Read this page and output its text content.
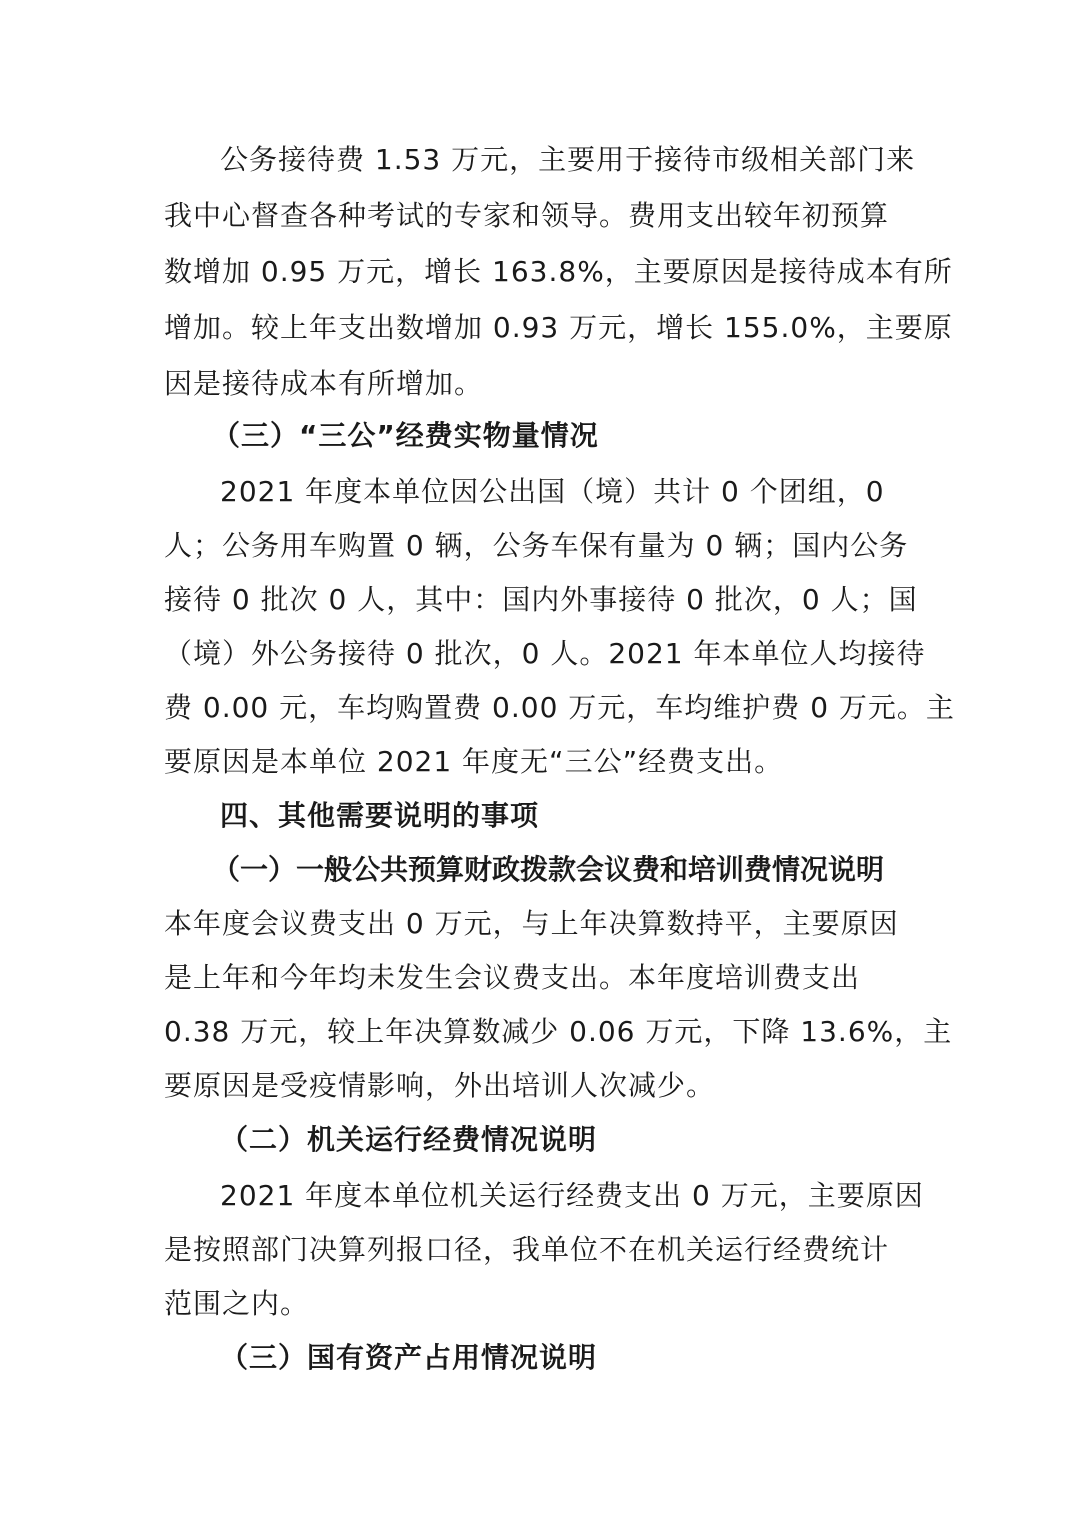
公务接待费 1.53 万元，主要用于接待市级相关部门来
我中心督查各种考试的专家和领导。费用支出较年初预算
数增加 0.95 万元，增长 163.8%，主要原因是接待成本有所
增加。较上年支出数增加 0.93 万元，增长 155.0%，主要原
因是接待成本有所增加。
（三）“三公”经费实物量情况
2021 年度本单位因公出国（境）共计 0 个团组，0
人；公务用车购置 0 辆，公务车保有量为 0 辆；国内公务
接待 0 批次 0 人，其中：国内外事接待 0 批次，0 人；国
（境）外公务接待 0 批次，0 人。2021 年本单位人均接待
费 0.00 元，车均购置费 0.00 万元，车均维护费 0 万元。主
要原因是本单位 2021 年度无“三公”经费支出。
四、其他需要说明的事项
（一）一般公共预算财政拨款会议费和培训费情况说明
本年度会议费支出 0 万元，与上年决算数持平，主要原因
是上年和今年均未发生会议费支出。本年度培训费支出
0.38 万元，较上年决算数减少 0.06 万元，下降 13.6%，主
要原因是受疫情影响，外出培训人次减少。
（二）机关运行经费情况说明
2021 年度本单位机关运行经费支出 0 万元，主要原因
是按照部门决算列报口径，我单位不在机关运行经费统计
范围之内。
（三）国有资产占用情况说明
